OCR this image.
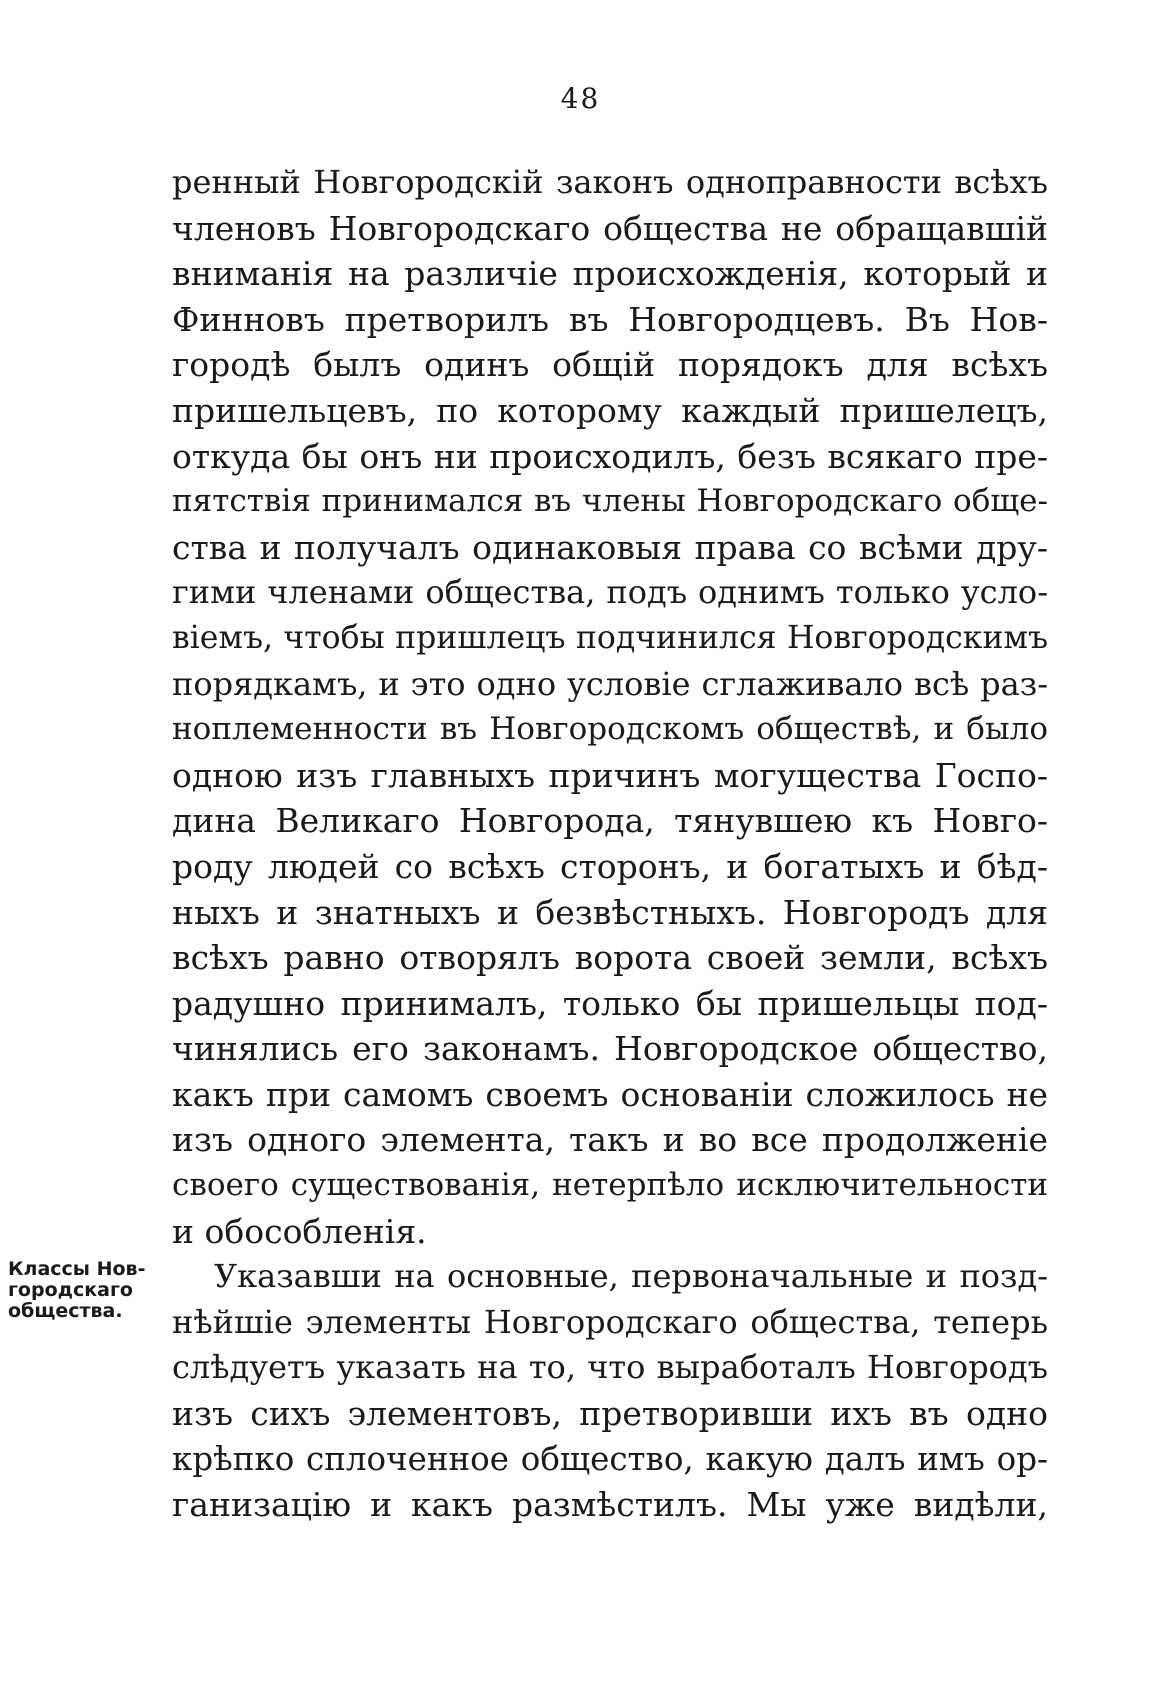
48
ренный Новгородскій законъ одноправности всѣхъ
членовъ Новгородскаго общества не обращавшій
вниманія на различіе происхожденія, который и
Финновъ претворилъ въ Новгородцевъ. Въ Нов-
городѣ былъ одинъ общій порядокъ для всѣхъ
пришельцевъ, по которому каждый пришелецъ,
откуда бы онъ ни происходилъ, безъ всякаго пре-
пятствія принимался въ члены Новгородскаго обще-
ства и получалъ одинаковыя права со всѣми дру-
гими членами общества, подъ однимъ только усло-
віемъ, чтобы пришлецъ подчинился Новгородскимъ
порядкамъ, и это одно условіе сглаживало всѣ раз-
ноплеменности въ Новгородскомъ обществѣ, и было
одною изъ главныхъ причинъ могущества Госпо-
дина Великаго Новгорода, тянувшею къ Новго-
роду людей со всѣхъ сторонъ, и богатыхъ и бѣд-
ныхъ и знатныхъ и безвѣстныхъ. Новгородъ для
всѣхъ равно отворялъ ворота своей земли, всѣхъ
радушно принималъ, только бы пришельцы под-
чинялись его законамъ. Новгородское общество,
какъ при самомъ своемъ основаніи сложилось не
изъ одного элемента, такъ и во все продолженіе
своего существованія, нетерпѣло исключительности
и обособленія.
Указавши на основные, первоначальные и позд-
нѣйшіе элементы Новгородскаго общества, теперь
слѣдуетъ указать на то, что выработалъ Новгородъ
изъ сихъ элементовъ, претворивши ихъ въ одно
крѣпко сплоченное общество, какую далъ имъ ор-
ганизацію и какъ размѣстилъ. Мы уже видѣли,
Классы Нов-
городскаго
общества.
